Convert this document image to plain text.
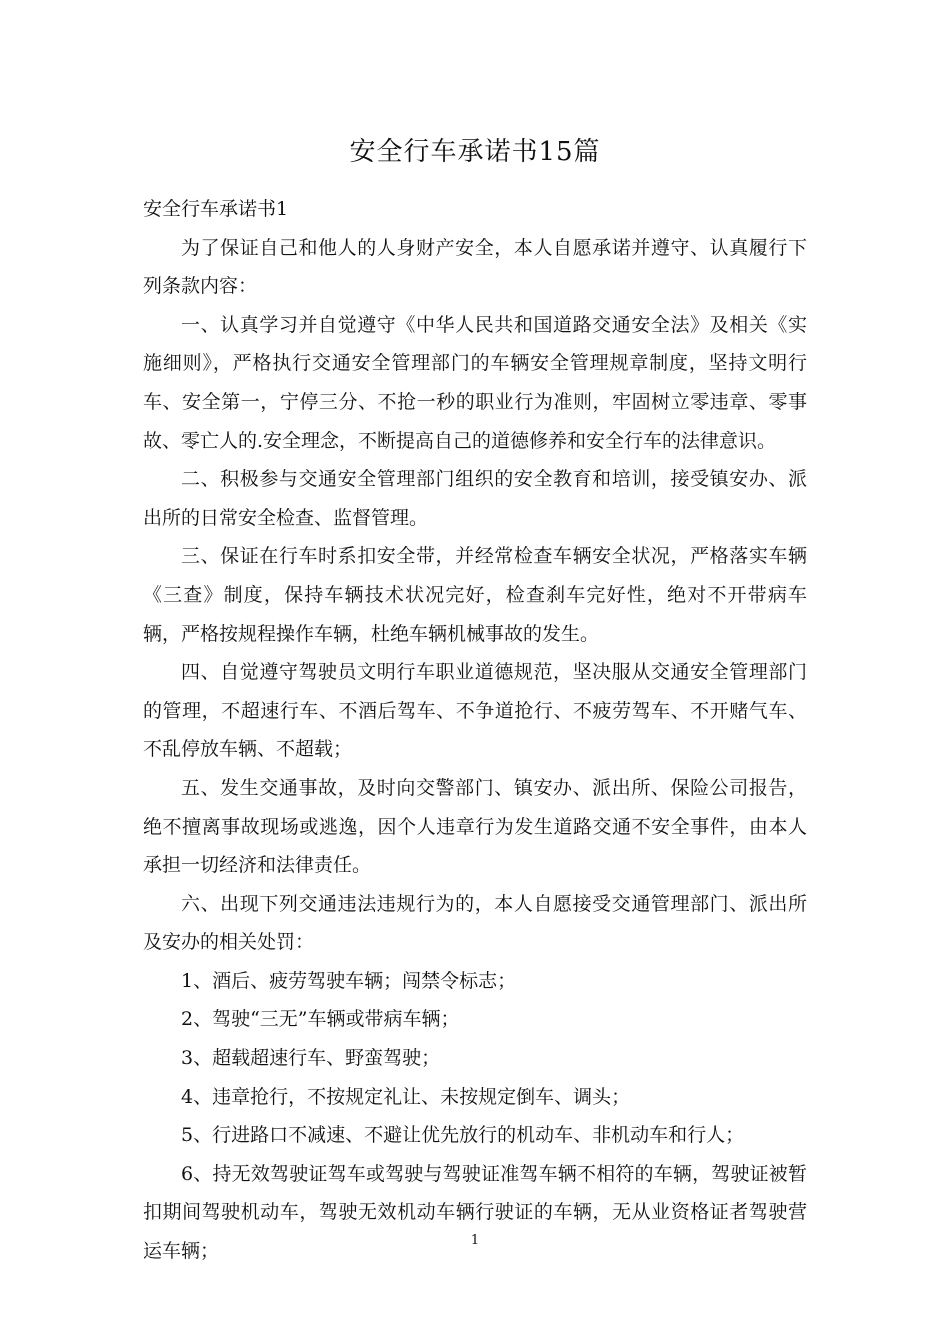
安全行车承诺书15篇

安全行车承诺书1

为了保证自己和他人的人身财产安全，本人自愿承诺并遵守、认真履行下列条款内容：

一、认真学习并自觉遵守《中华人民共和国道路交通安全法》及相关《实施细则》，严格执行交通安全管理部门的车辆安全管理规章制度，坚持文明行车、安全第一，宁停三分、不抢一秒的职业行为准则，牢固树立零违章、零事故、零亡人的.安全理念，不断提高自己的道德修养和安全行车的法律意识。

二、积极参与交通安全管理部门组织的安全教育和培训，接受镇安办、派出所的日常安全检查、监督管理。

三、保证在行车时系扣安全带，并经常检查车辆安全状况，严格落实车辆《三查》制度，保持车辆技术状况完好，检查刹车完好性，绝对不开带病车辆，严格按规程操作车辆，杜绝车辆机械事故的发生。

四、自觉遵守驾驶员文明行车职业道德规范，坚决服从交通安全管理部门的管理，不超速行车、不酒后驾车、不争道抢行、不疲劳驾车、不开赌气车、不乱停放车辆、不超载；

五、发生交通事故，及时向交警部门、镇安办、派出所、保险公司报告，绝不擅离事故现场或逃逸，因个人违章行为发生道路交通不安全事件，由本人承担一切经济和法律责任。

六、出现下列交通违法违规行为的，本人自愿接受交通管理部门、派出所及安办的相关处罚：

1、酒后、疲劳驾驶车辆；闯禁令标志；

2、驾驶“三无”车辆或带病车辆；

3、超载超速行车、野蛮驾驶；

4、违章抢行，不按规定礼让、未按规定倒车、调头；

5、行进路口不减速、不避让优先放行的机动车、非机动车和行人；

6、持无效驾驶证驾车或驾驶与驾驶证准驾车辆不相符的车辆，驾驶证被暂扣期间驾驶机动车，驾驶无效机动车辆行驶证的车辆，无从业资格证者驾驶营运车辆；	1
